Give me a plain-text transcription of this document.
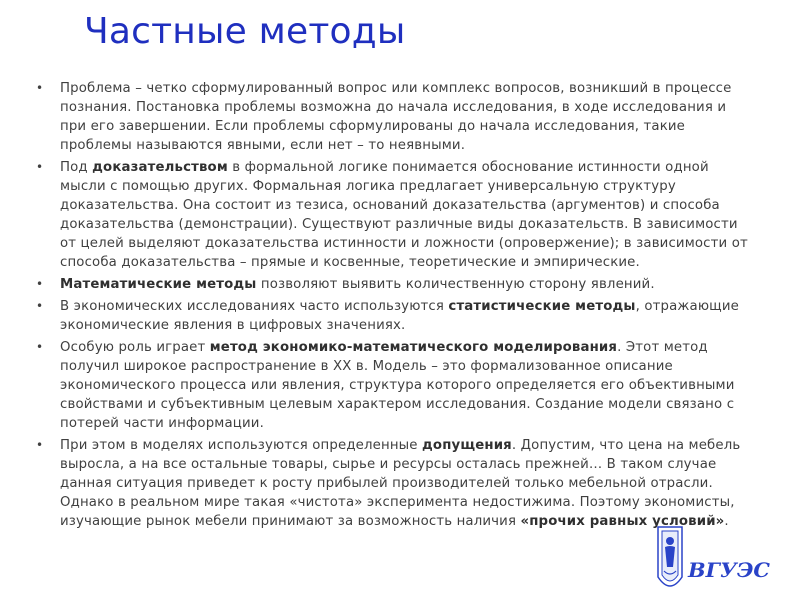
Частные методы
• Проблема – четко сформулированный вопрос или комплекс вопросов, возникший в процессе познания. Постановка проблемы возможна до начала исследования, в ходе исследования и при его завершении. Если проблемы сформулированы до начала исследования, такие проблемы называются явными, если нет – то неявными.
• Под доказательством в формальной логике понимается обоснование истинности одной мысли с помощью других. Формальная логика предлагает универсальную структуру доказательства. Она состоит из тезиса, оснований доказательства (аргументов) и способа доказательства (демонстрации). Существуют различные виды доказательств. В зависимости от целей выделяют доказательства истинности и ложности (опровержение); в зависимости от способа доказательства – прямые и косвенные, теоретические и эмпирические.
• Математические методы позволяют выявить количественную сторону явлений.
• В экономических исследованиях часто используются статистические методы, отражающие экономические явления в цифровых значениях.
• Особую роль играет метод экономико-математического моделирования. Этот метод получил широкое распространение в XX в. Модель – это формализованное описание экономического процесса или явления, структура которого определяется его объективными свойствами и субъективным целевым характером исследования. Создание модели связано с потерей части информации.
• При этом в моделях используются определенные допущения. Допустим, что цена на мебель выросла, а на все остальные товары, сырье и ресурсы осталась прежней… В таком случае данная ситуация приведет к росту прибылей производителей только мебельной отрасли. Однако в реальном мире такая «чистота» эксперимента недостижима. Поэтому экономисты, изучающие рынок мебели принимают за возможность наличия «прочих равных условий».
ВГУЭС
